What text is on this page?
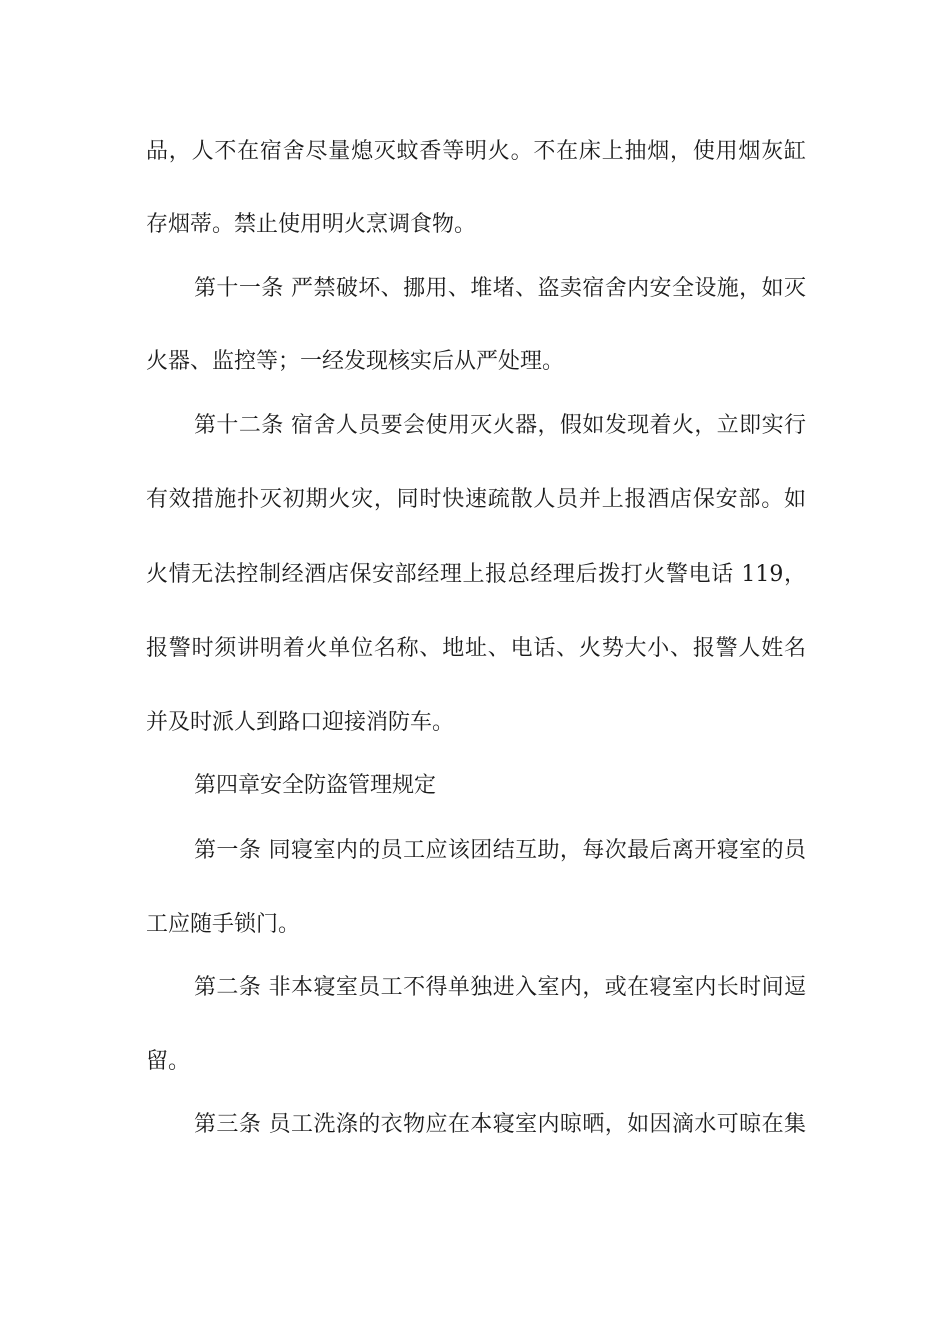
品，人不在宿舍尽量熄灭蚊香等明火。不在床上抽烟，使用烟灰缸
存烟蒂。禁止使用明火烹调食物。
第十一条 严禁破坏、挪用、堆堵、盗卖宿舍内安全设施，如灭
火器、监控等；一经发现核实后从严处理。
第十二条 宿舍人员要会使用灭火器，假如发现着火，立即实行
有效措施扑灭初期火灾，同时快速疏散人员并上报酒店保安部。如
火情无法控制经酒店保安部经理上报总经理后拨打火警电话 119，
报警时须讲明着火单位名称、地址、电话、火势大小、报警人姓名
并及时派人到路口迎接消防车。
第四章安全防盗管理规定
第一条 同寝室内的员工应该团结互助，每次最后离开寝室的员
工应随手锁门。
第二条 非本寝室员工不得单独进入室内，或在寝室内长时间逗
留。
第三条 员工洗涤的衣物应在本寝室内晾晒，如因滴水可晾在集
